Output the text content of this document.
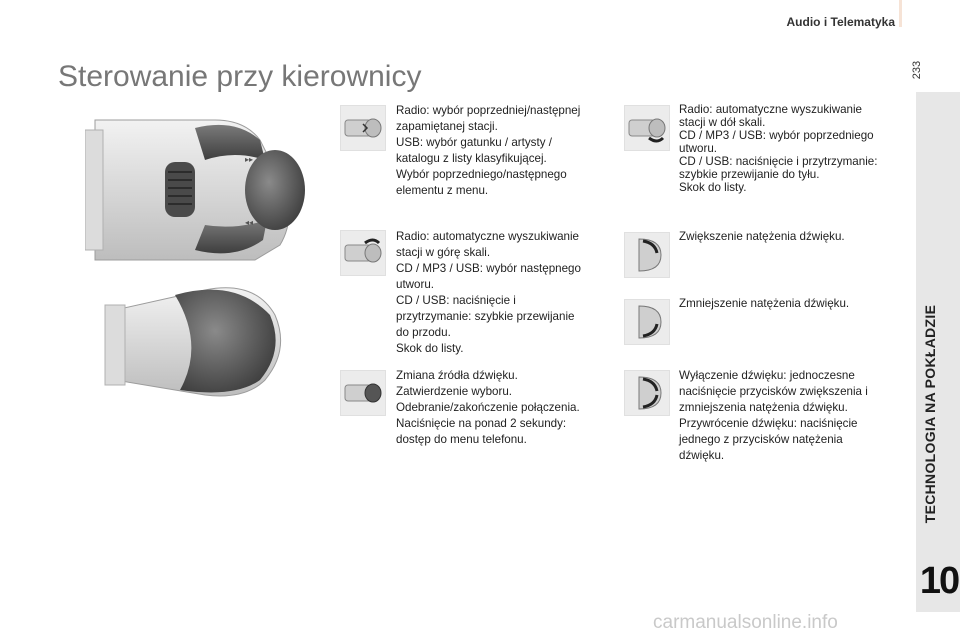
Audio i Telematyka
233
TECHNOLOGIA NA POKŁADZIE
10
Sterowanie przy kierownicy
▸▸
◂◂
Radio: wybór poprzedniej/następnej
zapamiętanej stacji.
USB: wybór gatunku / artysty /
katalogu z listy klasyfikującej.
Wybór poprzedniego/następnego
elementu z menu.
Radio: automatyczne wyszukiwanie
stacji w górę skali.
CD / MP3 / USB: wybór następnego
utworu.
CD / USB: naciśnięcie i
przytrzymanie: szybkie przewijanie
do przodu.
Skok do listy.
Zmiana źródła dźwięku.
Zatwierdzenie wyboru.
Odebranie/zakończenie połączenia.
Naciśnięcie na ponad 2 sekundy:
dostęp do menu telefonu.
Radio: automatyczne wyszukiwanie
stacji w dół skali.
CD / MP3 / USB: wybór poprzedniego
utworu.
CD / USB: naciśnięcie i przytrzymanie:
szybkie przewijanie do tyłu.
Skok do listy.
Zwiększenie natężenia dźwięku.
Zmniejszenie natężenia dźwięku.
Wyłączenie dźwięku: jednoczesne
naciśnięcie przycisków zwiększenia i
zmniejszenia natężenia dźwięku.
Przywrócenie dźwięku: naciśnięcie
jednego z przycisków natężenia
dźwięku.
carmanualsonline.info
